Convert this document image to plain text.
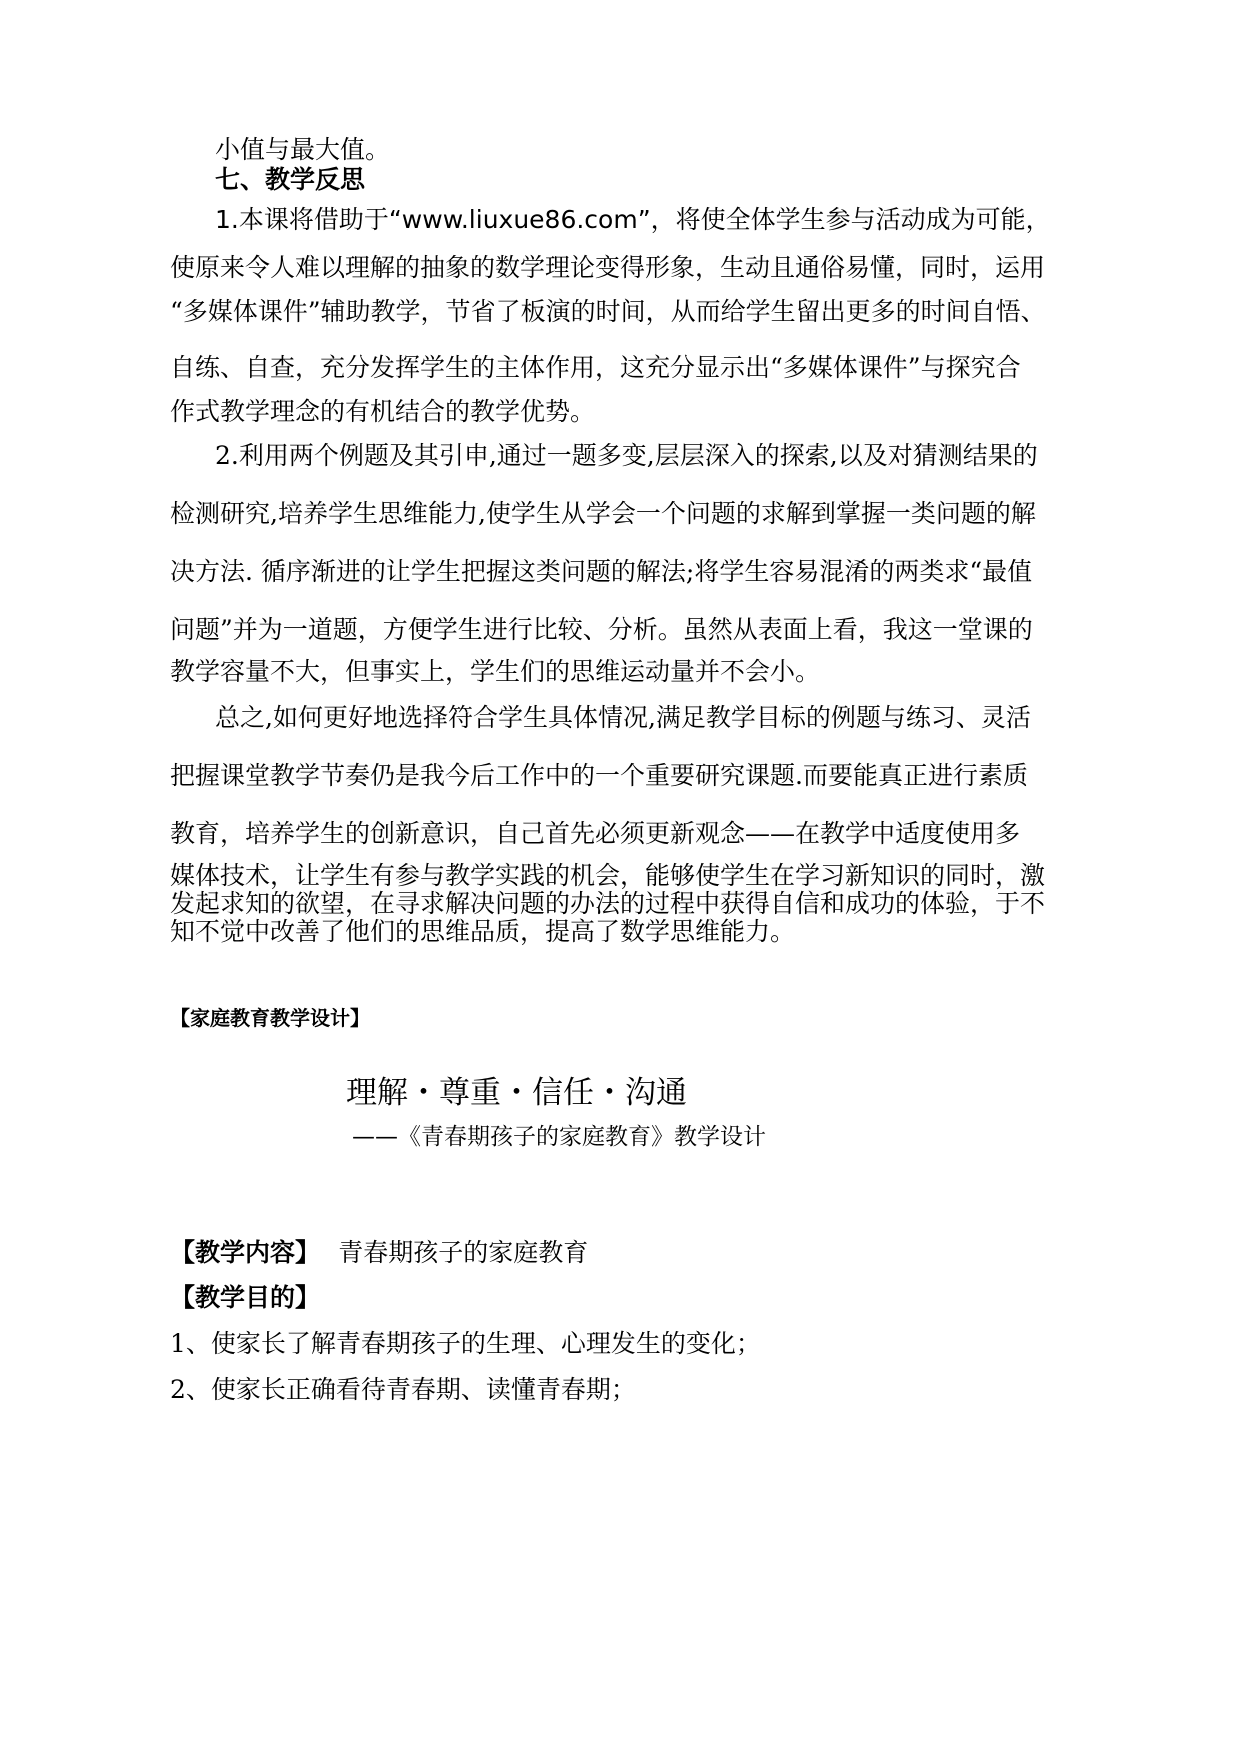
小值与最大值。
七、教学反思
1.本课将借助于“www.liuxue86.com”，将使全体学生参与活动成为可能，
使原来令人难以理解的抽象的数学理论变得形象，生动且通俗易懂，同时，运用
“多媒体课件”辅助教学，节省了板演的时间，从而给学生留出更多的时间自悟、
自练、自查，充分发挥学生的主体作用，这充分显示出“多媒体课件”与探究合
作式教学理念的有机结合的教学优势。
2.利用两个例题及其引申,通过一题多变,层层深入的探索,以及对猜测结果的
检测研究,培养学生思维能力,使学生从学会一个问题的求解到掌握一类问题的解
决方法. 循序渐进的让学生把握这类问题的解法;将学生容易混淆的两类求“最值
问题”并为一道题，方便学生进行比较、分析。虽然从表面上看，我这一堂课的
教学容量不大，但事实上，学生们的思维运动量并不会小。
总之,如何更好地选择符合学生具体情况,满足教学目标的例题与练习、灵活
把握课堂教学节奏仍是我今后工作中的一个重要研究课题.而要能真正进行素质
教育，培养学生的创新意识，自己首先必须更新观念——在教学中适度使用多
媒体技术，让学生有参与教学实践的机会，能够使学生在学习新知识的同时，激
发起求知的欲望，在寻求解决问题的办法的过程中获得自信和成功的体验，于不
知不觉中改善了他们的思维品质，提高了数学思维能力。
【家庭教育教学设计】
理解・尊重・信任・沟通
——《青春期孩子的家庭教育》教学设计
【教学内容】 青春期孩子的家庭教育
【教学目的】
1、使家长了解青春期孩子的生理、心理发生的变化；
2、使家长正确看待青春期、读懂青春期；
